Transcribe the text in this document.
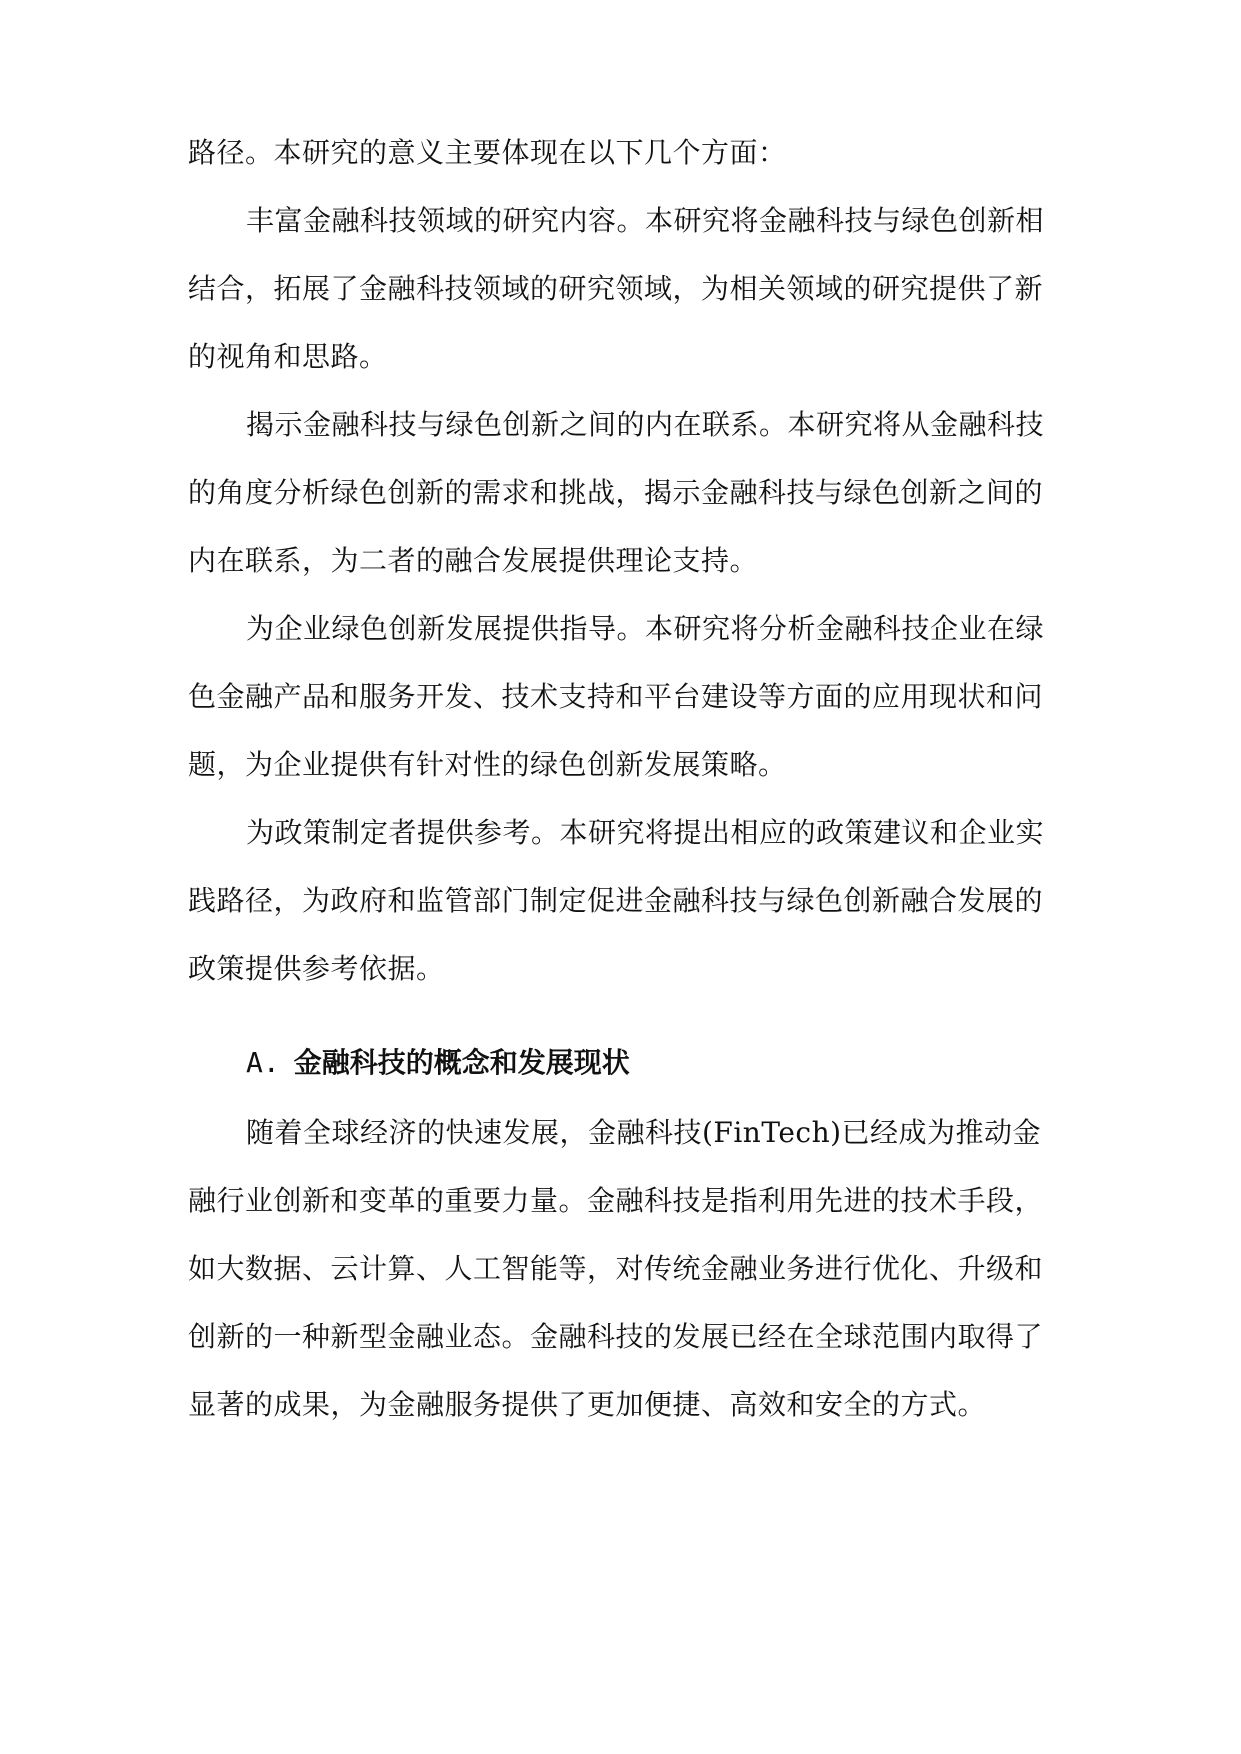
路径。本研究的意义主要体现在以下几个方面：
丰富金融科技领域的研究内容。本研究将金融科技与绿色创新相
结合，拓展了金融科技领域的研究领域，为相关领域的研究提供了新
的视角和思路。
揭示金融科技与绿色创新之间的内在联系。本研究将从金融科技
的角度分析绿色创新的需求和挑战，揭示金融科技与绿色创新之间的
内在联系，为二者的融合发展提供理论支持。
为企业绿色创新发展提供指导。本研究将分析金融科技企业在绿
色金融产品和服务开发、技术支持和平台建设等方面的应用现状和问
题，为企业提供有针对性的绿色创新发展策略。
为政策制定者提供参考。本研究将提出相应的政策建议和企业实
践路径，为政府和监管部门制定促进金融科技与绿色创新融合发展的
政策提供参考依据。
A. 金融科技的概念和发展现状
随着全球经济的快速发展，金融科技(FinTech)已经成为推动金
融行业创新和变革的重要力量。金融科技是指利用先进的技术手段，
如大数据、云计算、人工智能等，对传统金融业务进行优化、升级和
创新的一种新型金融业态。金融科技的发展已经在全球范围内取得了
显著的成果，为金融服务提供了更加便捷、高效和安全的方式。
